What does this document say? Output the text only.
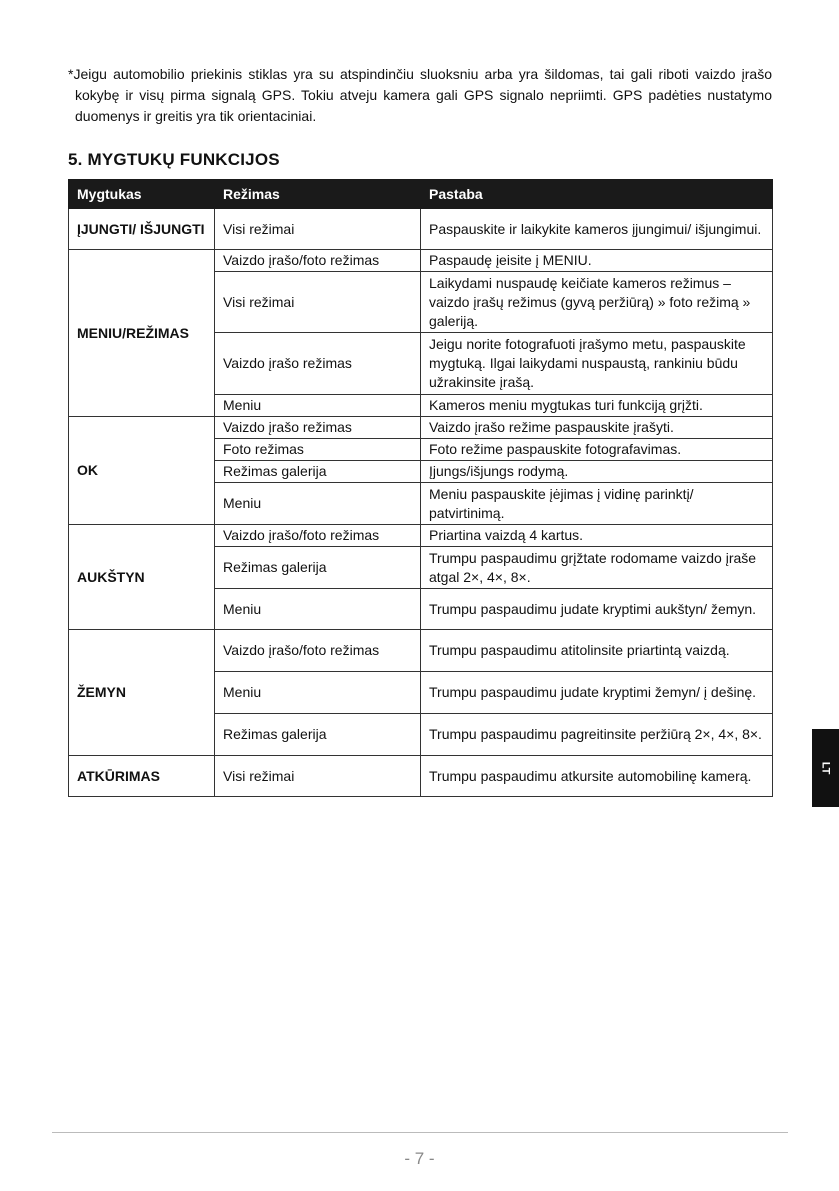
*Jeigu automobilio priekinis stiklas yra su atspindinčiu sluoksniu arba yra šildomas, tai gali riboti vaizdo įrašo kokybę ir visų pirma signalą GPS. Tokiu atveju kamera gali GPS signalo nepriimti. GPS padėties nustatymo duomenys ir greitis yra tik orientaciniai.
5. MYGTUKŲ FUNKCIJOS
Mygtukas	Režimas	Pastaba
ĮJUNGTI/ IŠJUNGTI	Visi režimai	Paspauskite ir laikykite kameros įjungimui/ išjungimui.
MENIU/REŽIMAS	Vaizdo įrašo/foto režimas	Paspaudę įeisite į MENIU.
	Visi režimai	Laikydami nuspaudę keičiate kameros režimus – vaizdo įrašų režimus (gyvą peržiūrą) » foto režimą » galeriją.
	Vaizdo įrašo režimas	Jeigu norite fotografuoti įrašymo metu, paspauskite mygtuką. Ilgai laikydami nuspaustą, rankiniu būdu užrakinsite įrašą.
	Meniu	Kameros meniu mygtukas turi funkciją grįžti.
OK	Vaizdo įrašo režimas	Vaizdo įrašo režime paspauskite įrašyti.
	Foto režimas	Foto režime paspauskite fotografavimas.
	Režimas galerija	Įjungs/išjungs rodymą.
	Meniu	Meniu paspauskite įėjimas į vidinę parinktį/ patvirtinimą.
AUKŠTYN	Vaizdo įrašo/foto režimas	Priartina vaizdą 4 kartus.
	Režimas galerija	Trumpu paspaudimu grįžtate rodomame vaizdo įraše atgal 2×, 4×, 8×.
	Meniu	Trumpu paspaudimu judate kryptimi aukštyn/ žemyn.
ŽEMYN	Vaizdo įrašo/foto režimas	Trumpu paspaudimu atitolinsite priartintą vaizdą.
	Meniu	Trumpu paspaudimu judate kryptimi žemyn/ į dešinę.
	Režimas galerija	Trumpu paspaudimu pagreitinsite peržiūrą 2×, 4×, 8×.
ATKŪRIMAS	Visi režimai	Trumpu paspaudimu atkursite automobilinę kamerą.	LT
- 7 -
